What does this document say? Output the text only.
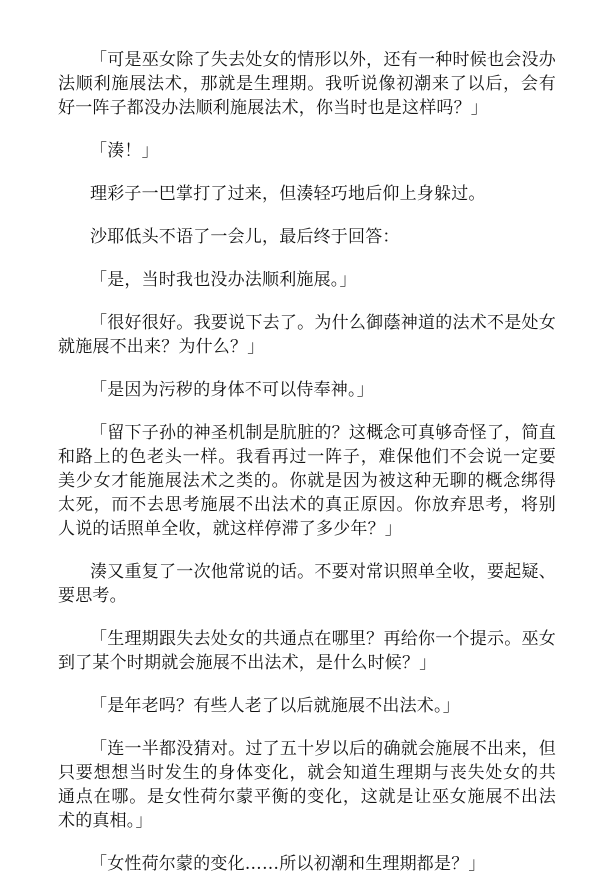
「可是巫女除了失去处女的情形以外，还有一种时候也会没办法顺利施展法术，那就是生理期。我听说像初潮来了以后，会有好一阵子都没办法顺利施展法术，你当时也是这样吗？」

「湊！」

理彩子一巴掌打了过来，但湊轻巧地后仰上身躲过。

沙耶低头不语了一会儿，最后终于回答：

「是，当时我也没办法顺利施展。」

「很好很好。我要说下去了。为什么御蔭神道的法术不是处女就施展不出来？为什么？」

「是因为污秽的身体不可以侍奉神。」

「留下子孙的神圣机制是肮脏的？这概念可真够奇怪了，简直和路上的色老头一样。我看再过一阵子，难保他们不会说一定要美少女才能施展法术之类的。你就是因为被这种无聊的概念绑得太死，而不去思考施展不出法术的真正原因。你放弃思考，将别人说的话照单全收，就这样停滞了多少年？」

湊又重复了一次他常说的话。不要对常识照单全收，要起疑、要思考。

「生理期跟失去处女的共通点在哪里？再给你一个提示。巫女到了某个时期就会施展不出法术，是什么时候？」

「是年老吗？有些人老了以后就施展不出法术。」

「连一半都没猜对。过了五十岁以后的确就会施展不出来，但只要想想当时发生的身体变化，就会知道生理期与丧失处女的共通点在哪。是女性荷尔蒙平衡的变化，这就是让巫女施展不出法术的真相。」

「女性荷尔蒙的变化……所以初潮和生理期都是？」
